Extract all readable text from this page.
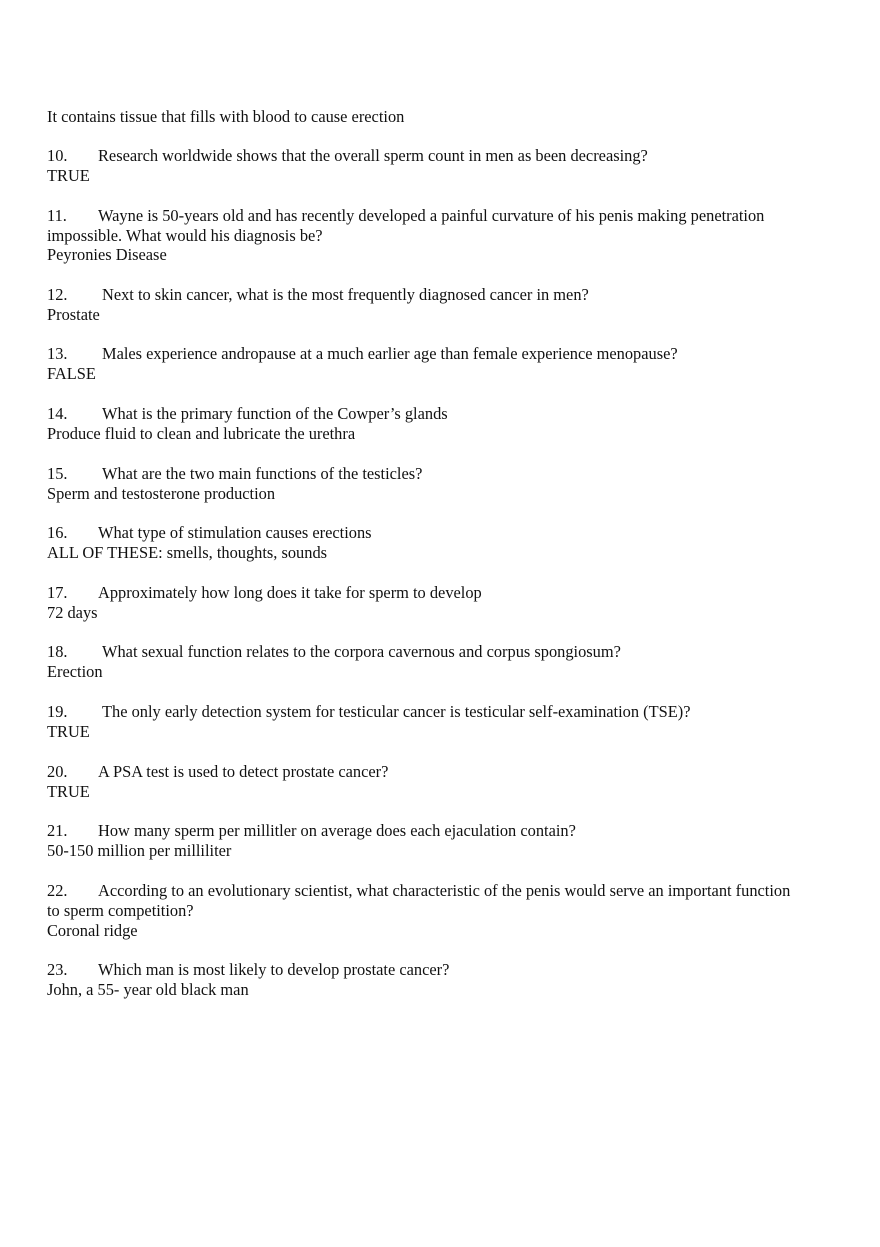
It contains tissue that fills with blood to cause erection
10. Research worldwide shows that the overall sperm count in men as been decreasing?
TRUE
11. Wayne is 50-years old and has recently developed a painful curvature of his penis making penetration
impossible. What would his diagnosis be?
Peyronies Disease
12. Next to skin cancer, what is the most frequently diagnosed cancer in men?
Prostate
13. Males experience andropause at a much earlier age than female experience menopause?
FALSE
14. What is the primary function of the Cowper’s glands
Produce fluid to clean and lubricate the urethra
15. What are the two main functions of the testicles?
Sperm and testosterone production
16. What type of stimulation causes erections
ALL OF THESE: smells, thoughts, sounds
17. Approximately how long does it take for sperm to develop
72 days
18. What sexual function relates to the corpora cavernous and corpus spongiosum?
Erection
19. The only early detection system for testicular cancer is testicular self-examination (TSE)?
TRUE
20. A PSA test is used to detect prostate cancer?
TRUE
21. How many sperm per millitler on average does each ejaculation contain?
50-150 million per milliliter
22. According to an evolutionary scientist, what characteristic of the penis would serve an important function
to sperm competition?
Coronal ridge
23. Which man is most likely to develop prostate cancer?
John, a 55- year old black man
